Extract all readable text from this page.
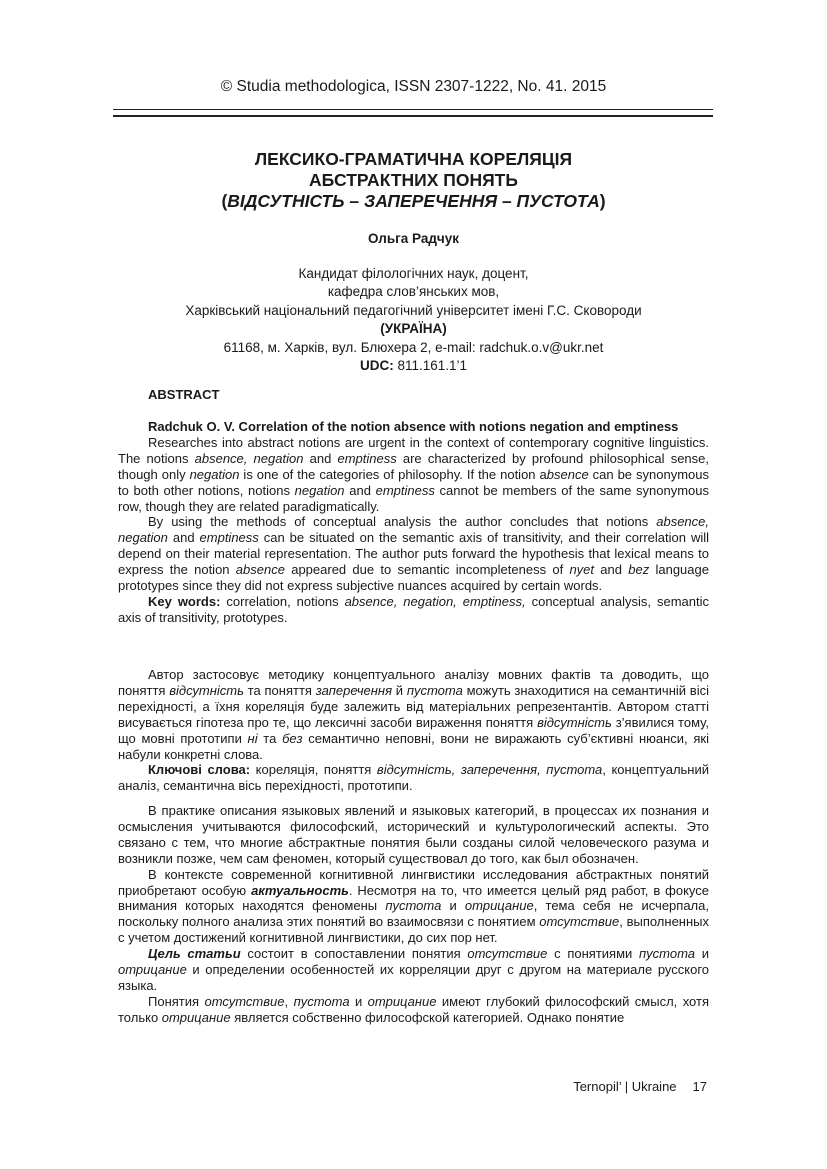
© Studia methodologica, ISSN 2307-1222, No. 41. 2015
ЛЕКСИКО-ГРАМАТИЧНА КОРЕЛЯЦІЯ
АБСТРАКТНИХ ПОНЯТЬ
(ВІДСУТНІСТЬ – ЗАПЕРЕЧЕННЯ – ПУСТОТА)
Ольга Радчук
Кандидат філологічних наук, доцент,
кафедра слов’янських мов,
Харківський національний педагогічний університет імені Г.С. Сковороди
(УКРАЇНА)
61168, м. Харків, вул. Блюхера 2, e-mail: radchuk.o.v@ukr.net
UDC: 811.161.1’1
ABSTRACT

Radchuk O. V. Correlation of the notion absence with notions negation and emptiness

Researches into abstract notions are urgent in the context of contemporary cognitive linguistics. The notions absence, negation and emptiness are characterized by profound philosophical sense, though only negation is one of the categories of philosophy. If the notion absence can be synonymous to both other notions, notions negation and emptiness cannot be members of the same synonymous row, though they are related paradigmatically.

By using the methods of conceptual analysis the author concludes that notions absence, negation and emptiness can be situated on the semantic axis of transitivity, and their correlation will depend on their material representation. The author puts forward the hypothesis that lexical means to express the notion absence appeared due to semantic incompleteness of nyet and bez language prototypes since they did not express subjective nuances acquired by certain words.

Key words: correlation, notions absence, negation, emptiness, conceptual analysis, semantic axis of transitivity, prototypes.

Автор застосовує методику концептуального аналізу мовних фактів та доводить, що поняття відсутність та поняття заперечення й пустота можуть знаходитися на семантичній вісі перехідності, а їхня кореляція буде залежить від матеріальних репрезентантів. Автором статті висувається гіпотеза про те, що лексичні засоби вираження поняття відсутність з’явилися тому, що мовні прототипи ні та без семантично неповні, вони не виражають суб’єктивні нюанси, які набули конкретні слова.

Ключові слова: кореляція, поняття відсутність, заперечення, пустота, концептуальний аналіз, семантична вісь перехідності, прототипи.

В практике описания языковых явлений и языковых категорий, в процессах их познания и осмысления учитываются философский, исторический и культурологический аспекты. Это связано с тем, что многие абстрактные понятия были созданы силой человеческого разума и возникли позже, чем сам феномен, который существовал до того, как был обозначен.

В контексте современной когнитивной лингвистики исследования абстрактных понятий приобретают особую актуальность. Несмотря на то, что имеется целый ряд работ, в фокусе внимания которых находятся феномены пустота и отрицание, тема себя не исчерпала, поскольку полного анализа этих понятий во взаимосвязи с понятием отсутствие, выполненных с учетом достижений когнитивной лингвистики, до сих пор нет.

Цель статьи состоит в сопоставлении понятия отсутствие с понятиями пустота и отрицание и определении особенностей их корреляции друг с другом на материале русского языка.

Понятия отсутствие, пустота и отрицание имеют глубокий философский смысл, хотя только отрицание является собственно философской категорией. Однако понятие

Ternopil’ | Ukraine 17
